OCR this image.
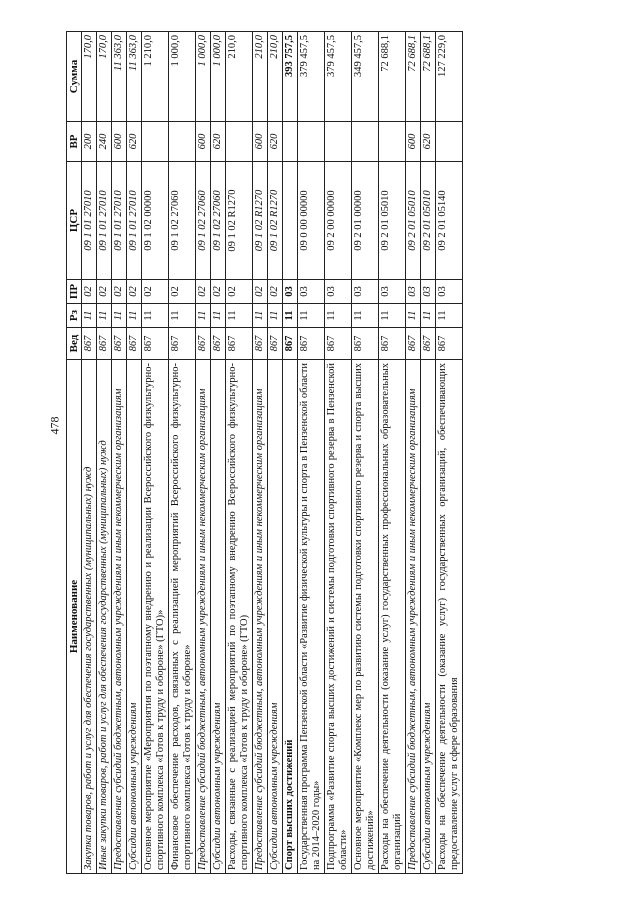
478
Наименование	Вед	Рз	ПР	ЦСР	ВР	Сумма
Закупка товаров, работ и услуг для обеспечения государственных (муниципальных) нужд	867	11	02	09 1 01 27010	200	170,0
Иные закупки товаров, работ и услуг для обеспечения государственных (муниципальных) нужд	867	11	02	09 1 01 27010	240	170,0
Предоставление субсидий бюджетным, автономным учреждениям и иным некоммерческим организациям	867	11	02	09 1 01 27010	600	11 363,0
Субсидии автономным учреждениям	867	11	02	09 1 01 27010	620	11 363,0
Основное мероприятие «Мероприятия по поэтапному внедрению и реализации Всероссийского физкультурно-спортивного комплекса «Готов к труду и обороне» (ГТО)»	867	11	02	09 1 02 00000		1 210,0
Финансовое обеспечение расходов, связанных с реализацией мероприятий Всероссийского физкультурно-спортивного комплекса «Готов к труду и обороне»	867	11	02	09 1 02 27060		1 000,0
Предоставление субсидий бюджетным, автономным учреждениям и иным некоммерческим организациям	867	11	02	09 1 02 27060	600	1 000,0
Субсидии автономным учреждениям	867	11	02	09 1 02 27060	620	1 000,0
Расходы, связанные с реализацией мероприятий по поэтапному внедрению Всероссийского физкультурно-спортивного комплекса «Готов к труду и обороне» (ГТО)	867	11	02	09 1 02 R1270		210,0
Предоставление субсидий бюджетным, автономным учреждениям и иным некоммерческим организациям	867	11	02	09 1 02 R1270	600	210,0
Субсидии автономным учреждениям	867	11	02	09 1 02 R1270	620	210,0
Спорт высших достижений	867	11	03			393 757,5
Государственная программа Пензенской области «Развитие физической культуры и спорта в Пензенской области на 2014–2020 годы»	867	11	03	09 0 00 00000		379 457,5
Подпрограмма «Развитие спорта высших достижений и системы подготовки спортивного резерва в Пензенской области»	867	11	03	09 2 00 00000		379 457,5
Основное мероприятие «Комплекс мер по развитию системы подготовки спортивного резерва и спорта высших достижений»	867	11	03	09 2 01 00000		349 457,5
Расходы на обеспечение деятельности (оказание услуг) государственных профессиональных образовательных организаций	867	11	03	09 2 01 05010		72 688,1
Предоставление субсидий бюджетным, автономным учреждениям и иным некоммерческим организациям	867	11	03	09 2 01 05010	600	72 688,1
Субсидии автономным учреждениям	867	11	03	09 2 01 05010	620	72 688,1
Расходы на обеспечение деятельности (оказание услуг) государственных организаций, обеспечивающих предоставление услуг в сфере образования	867	11	03	09 2 01 05140		127 229,0
